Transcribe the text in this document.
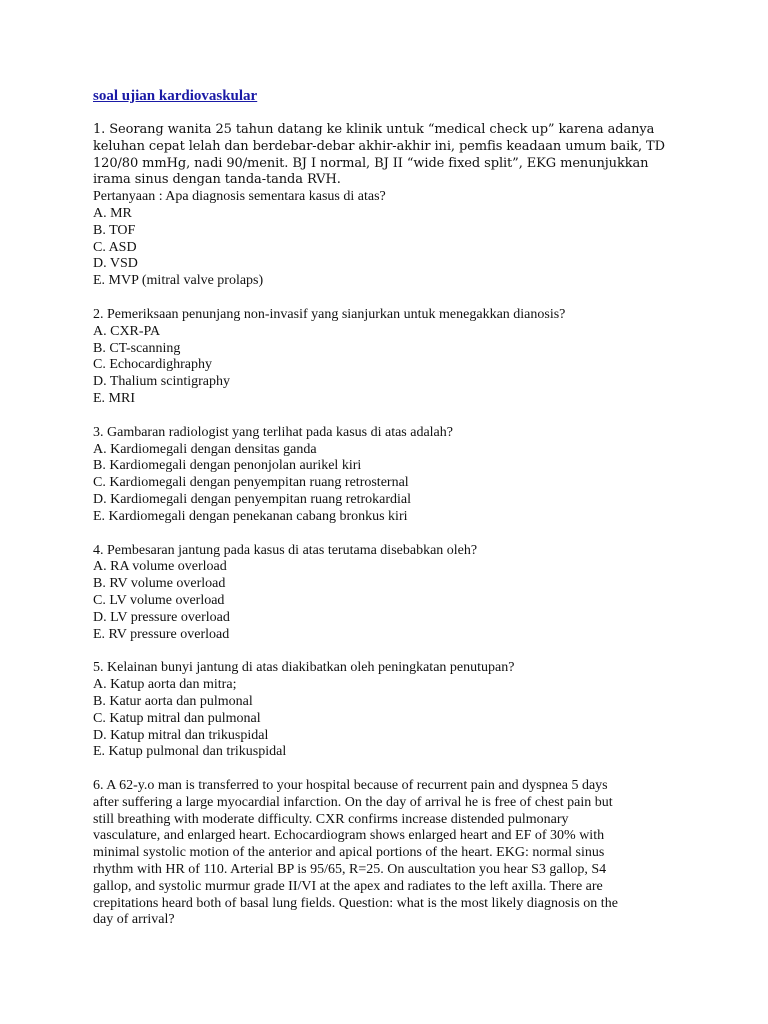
soal ujian kardiovaskular
1. Seorang wanita 25 tahun datang ke klinik untuk “medical check up” karena adanya
keluhan cepat lelah dan berdebar-debar akhir-akhir ini, pemfis keadaan umum baik, TD
120/80 mmHg, nadi 90/menit. BJ I normal, BJ II “wide fixed split”, EKG menunjukkan
irama sinus dengan tanda-tanda RVH.
Pertanyaan : Apa diagnosis sementara kasus di atas?
A. MR
B. TOF
C. ASD
D. VSD
E. MVP (mitral valve prolaps)
2. Pemeriksaan penunjang non-invasif yang sianjurkan untuk menegakkan dianosis?
A. CXR-PA
B. CT-scanning
C. Echocardighraphy
D. Thalium scintigraphy
E. MRI
3. Gambaran radiologist yang terlihat pada kasus di atas adalah?
A. Kardiomegali dengan densitas ganda
B. Kardiomegali dengan penonjolan aurikel kiri
C. Kardiomegali dengan penyempitan ruang retrosternal
D. Kardiomegali dengan penyempitan ruang retrokardial
E. Kardiomegali dengan penekanan cabang bronkus kiri
4. Pembesaran jantung pada kasus di atas terutama disebabkan oleh?
A. RA volume overload
B. RV volume overload
C. LV volume overload
D. LV pressure overload
E. RV pressure overload
5. Kelainan bunyi jantung di atas diakibatkan oleh peningkatan penutupan?
A. Katup aorta dan mitra;
B. Katur aorta dan pulmonal
C. Katup mitral dan pulmonal
D. Katup mitral dan trikuspidal
E. Katup pulmonal dan trikuspidal
6. A 62-y.o man is transferred to your hospital because of recurrent pain and dyspnea 5 days
after suffering a large myocardial infarction. On the day of arrival he is free of chest pain but
still breathing with moderate difficulty. CXR confirms increase distended pulmonary
vasculature, and enlarged heart. Echocardiogram shows enlarged heart and EF of 30% with
minimal systolic motion of the anterior and apical portions of the heart. EKG: normal sinus
rhythm with HR of 110. Arterial BP is 95/65, R=25. On auscultation you hear S3 gallop, S4
gallop, and systolic murmur grade II/VI at the apex and radiates to the left axilla. There are
crepitations heard both of basal lung fields. Question: what is the most likely diagnosis on the
day of arrival?
